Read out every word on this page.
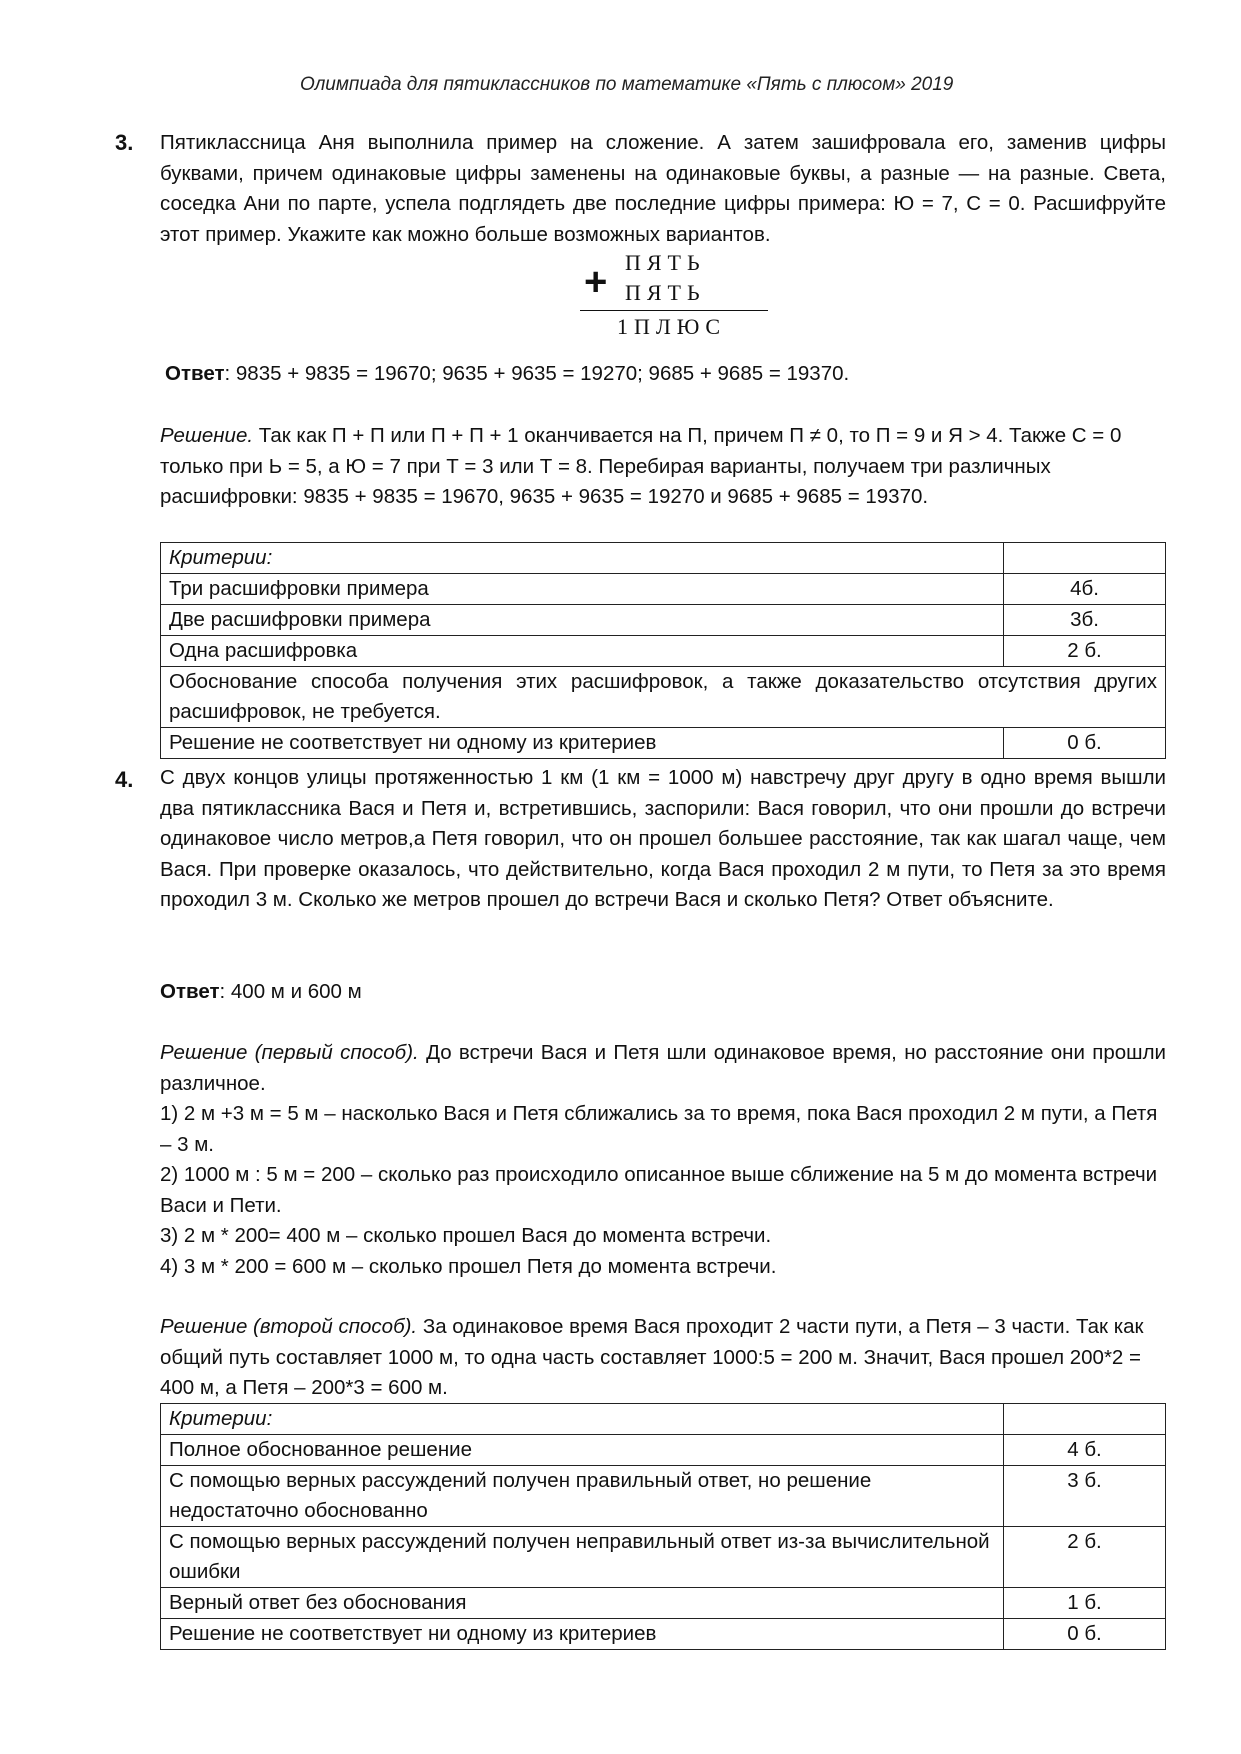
Олимпиада для пятиклассников по математике «Пять с плюсом» 2019
3. Пятиклассница Аня выполнила пример на сложение. А затем зашифровала его, заменив цифры буквами, причем одинаковые цифры заменены на одинаковые буквы, а разные — на разные. Света, соседка Ани по парте, успела подглядеть две последние цифры примера: Ю = 7, С = 0. Расшифруйте этот пример. Укажите как можно больше возможных вариантов.
+ ПЯТЬ
ПЯТЬ
1ПЛЮС
Ответ: 9835 + 9835 = 19670; 9635 + 9635 = 19270; 9685 + 9685 = 19370.
Решение. Так как П + П или П + П + 1 оканчивается на П, причем П ≠ 0, то П = 9 и Я > 4. Также С = 0 только при Ь = 5, а Ю = 7 при Т = 3 или Т = 8. Перебирая варианты, получаем три различных расшифровки: 9835 + 9835 = 19670, 9635 + 9635 = 19270 и 9685 + 9685 = 19370.
Критерии:	
Три расшифровки примера	4б.
Две расшифровки примера	3б.
Одна расшифровка	2 б.
Обоснование способа получения этих расшифровок, а также доказательство отсутствия других расшифровок, не требуется.	
Решение не соответствует ни одному из критериев	0 б.
4. С двух концов улицы протяженностью 1 км (1 км = 1000 м) навстречу друг другу в одно время вышли два пятиклассника Вася и Петя и, встретившись, заспорили: Вася говорил, что они прошли до встречи одинаковое число метров,а Петя говорил, что он прошел большее расстояние, так как шагал чаще, чем Вася. При проверке оказалось, что действительно, когда Вася проходил 2 м пути, то Петя за это время проходил 3 м. Сколько же метров прошел до встречи Вася и сколько Петя? Ответ объясните.
Ответ: 400 м и 600 м

Решение (первый способ). До встречи Вася и Петя шли одинаковое время, но расстояние они прошли различное.

1) 2 м +3 м = 5 м – насколько Вася и Петя сближались за то время, пока Вася проходил 2 м пути, а Петя – 3 м.

2) 1000 м : 5 м = 200 – сколько раз происходило описанное выше сближение на 5 м до момента встречи Васи и Пети.

3) 2 м * 200= 400 м – сколько прошел Вася до момента встречи.

4) 3 м * 200 = 600 м – сколько прошел Петя до момента встречи.

Решение (второй способ). За одинаковое время Вася проходит 2 части пути, а Петя – 3 части. Так как общий путь составляет 1000 м, то одна часть составляет 1000:5 = 200 м. Значит, Вася прошел 200*2 = 400 м, а Петя – 200*3 = 600 м.
Критерии:	
Полное обоснованное решение	4 б.
С помощью верных рассуждений получен правильный ответ, но решение недостаточно обоснованно	3 б.
С помощью верных рассуждений получен неправильный ответ из-за вычислительной ошибки	2 б.
Верный ответ без обоснования	1 б.
Решение не соответствует ни одному из критериев	0 б.
